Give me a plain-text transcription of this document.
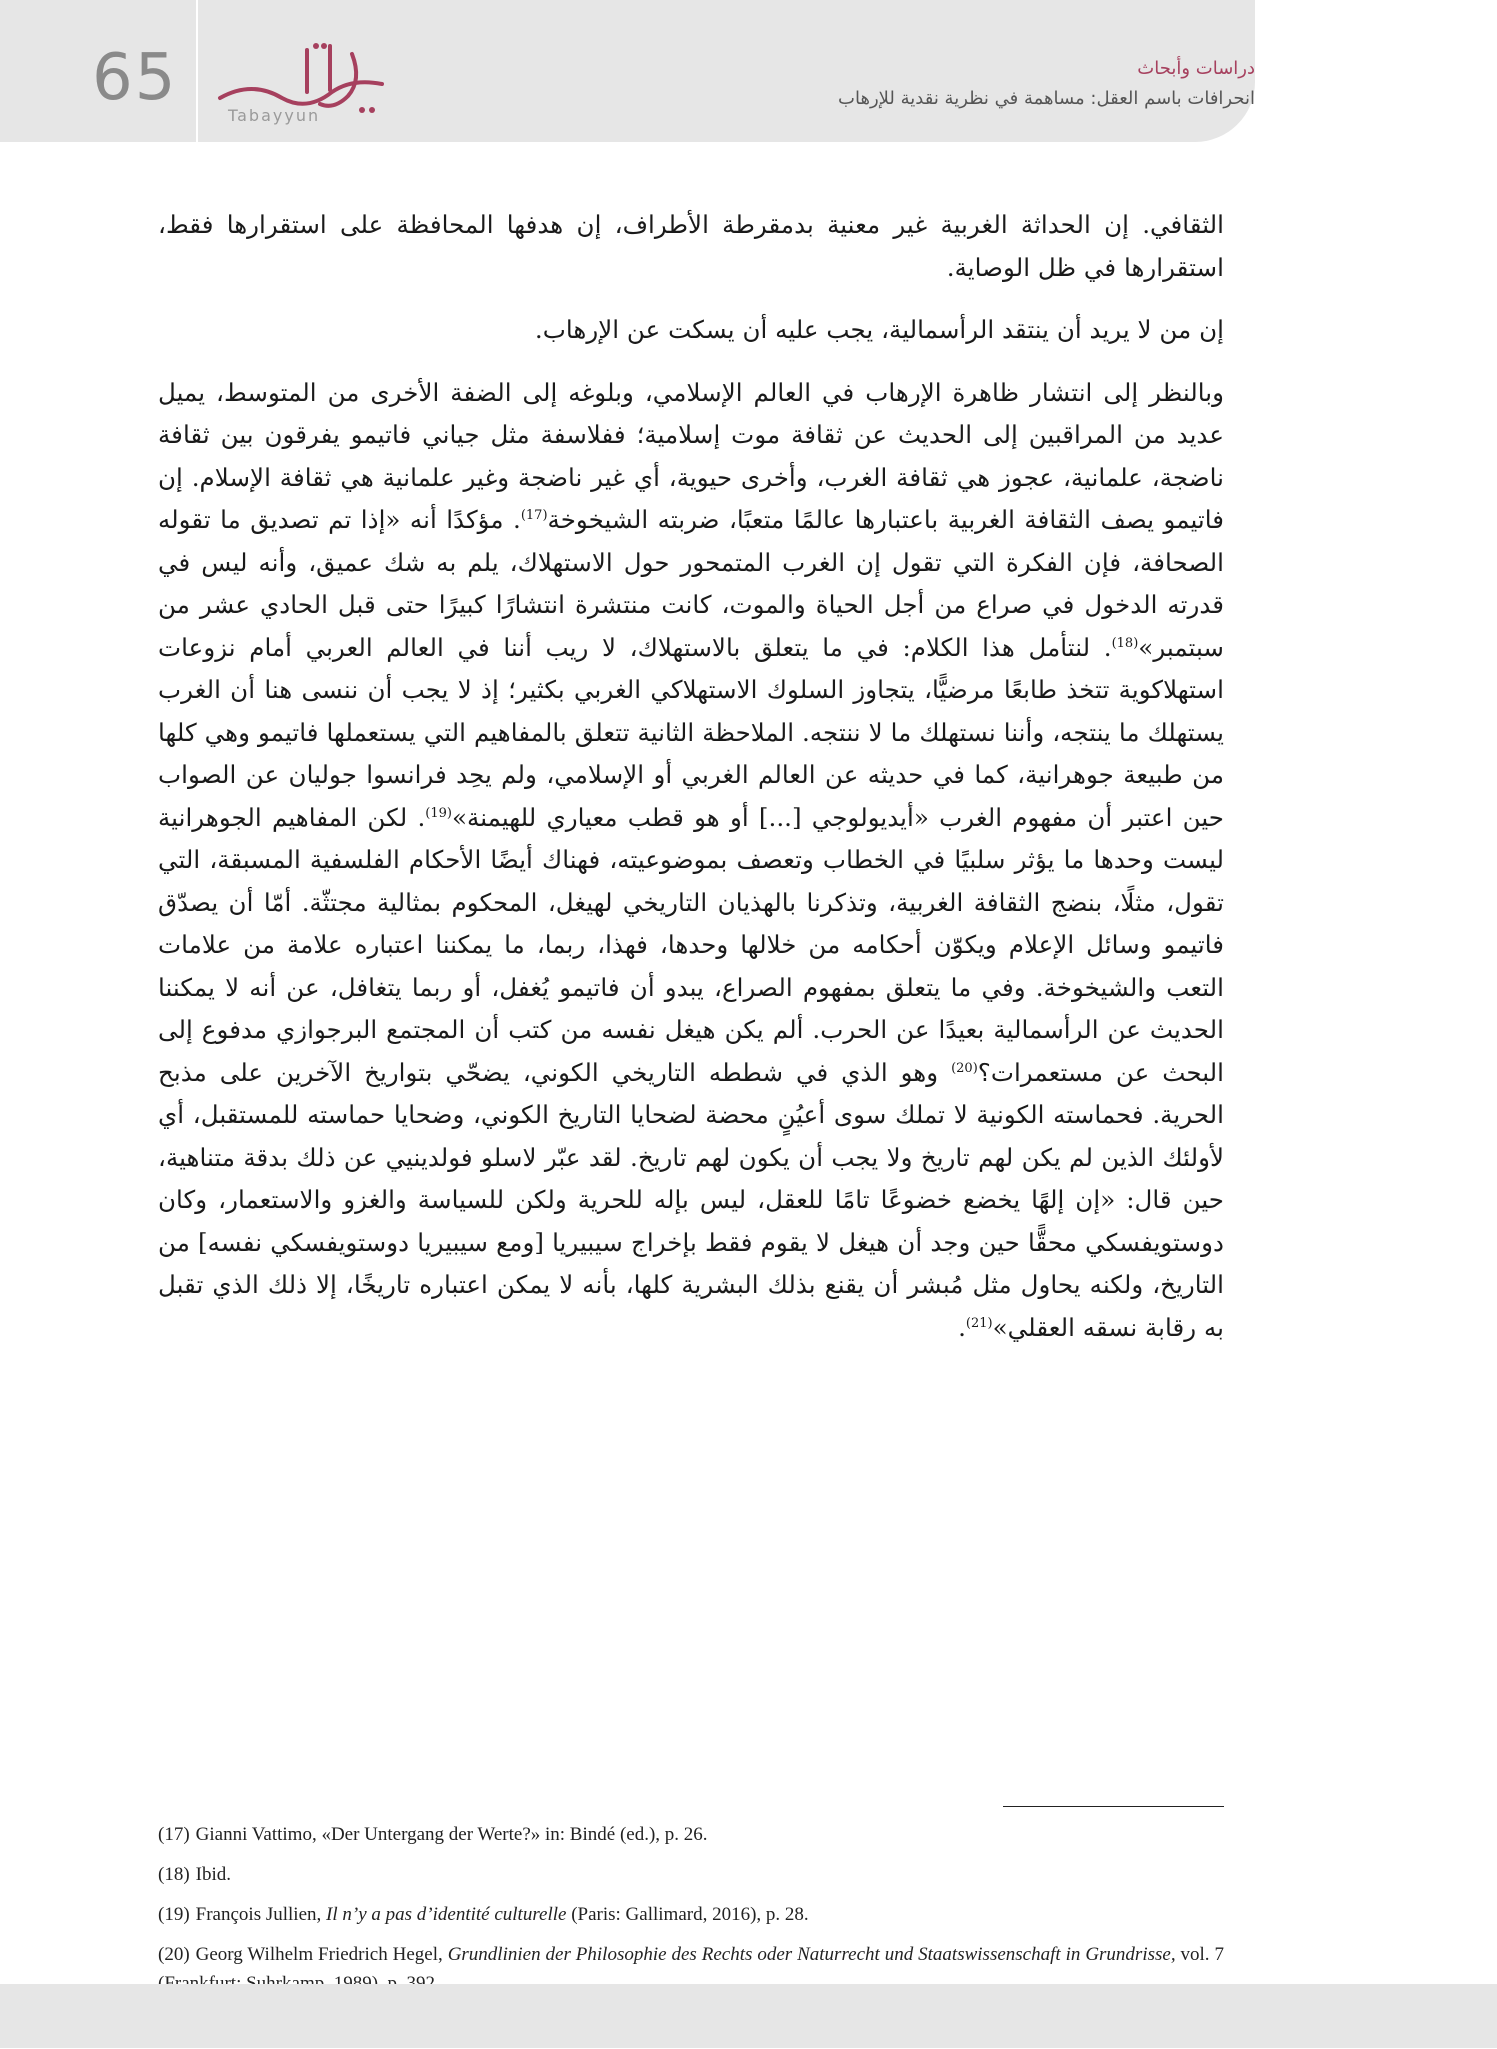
65
Tabayyun
دراسات وأبحاث
انحرافات باسم العقل: مساهمة في نظرية نقدية للإرهاب

الثقافي. إن الحداثة الغربية غير معنية بدمقرطة الأطراف، إن هدفها المحافظة على استقرارها فقط، استقرارها في ظل الوصاية.

إن من لا يريد أن ينتقد الرأسمالية، يجب عليه أن يسكت عن الإرهاب.

وبالنظر إلى انتشار ظاهرة الإرهاب في العالم الإسلامي، وبلوغه إلى الضفة الأخرى من المتوسط، يميل عديد من المراقبين إلى الحديث عن ثقافة موت إسلامية؛ ففلاسفة مثل جياني فاتيمو يفرقون بين ثقافة ناضجة، علمانية، عجوز هي ثقافة الغرب، وأخرى حيوية، أي غير ناضجة وغير علمانية هي ثقافة الإسلام. إن فاتيمو يصف الثقافة الغربية باعتبارها عالمًا متعبًا، ضربته الشيخوخة$^{(17)}$. مؤكدًا أنه «إذا تم تصديق ما تقوله الصحافة، فإن الفكرة التي تقول إن الغرب المتمحور حول الاستهلاك، يلم به شك عميق، وأنه ليس في قدرته الدخول في صراع من أجل الحياة والموت، كانت منتشرة انتشارًا كبيرًا حتى قبل الحادي عشر من سبتمبر»$^{(18)}$. لنتأمل هذا الكلام: في ما يتعلق بالاستهلاك، لا ريب أننا في العالم العربي أمام نزوعات استهلاكوية تتخذ طابعًا مرضيًّا، يتجاوز السلوك الاستهلاكي الغربي بكثير؛ إذ لا يجب أن ننسى هنا أن الغرب يستهلك ما ينتجه، وأننا نستهلك ما لا ننتجه. الملاحظة الثانية تتعلق بالمفاهيم التي يستعملها فاتيمو وهي كلها من طبيعة جوهرانية، كما في حديثه عن العالم الغربي أو الإسلامي، ولم يحِد فرانسوا جوليان عن الصواب حين اعتبر أن مفهوم الغرب «أيديولوجي [...] أو هو قطب معياري للهيمنة»$^{(19)}$. لكن المفاهيم الجوهرانية ليست وحدها ما يؤثر سلبيًا في الخطاب وتعصف بموضوعيته، فهناك أيضًا الأحكام الفلسفية المسبقة، التي تقول، مثلًا، بنضج الثقافة الغربية، وتذكرنا بالهذيان التاريخي لهيغل، المحكوم بمثالية مجتثّة. أمّا أن يصدّق فاتيمو وسائل الإعلام ويكوّن أحكامه من خلالها وحدها، فهذا، ربما، ما يمكننا اعتباره علامة من علامات التعب والشيخوخة. وفي ما يتعلق بمفهوم الصراع، يبدو أن فاتيمو يُغفل، أو ربما يتغافل، عن أنه لا يمكننا الحديث عن الرأسمالية بعيدًا عن الحرب. ألم يكن هيغل نفسه من كتب أن المجتمع البرجوازي مدفوع إلى البحث عن مستعمرات؟$^{(20)}$ وهو الذي في شططه التاريخي الكوني، يضحّي بتواريخ الآخرين على مذبح الحرية. فحماسته الكونية لا تملك سوى أعيُنٍ محضة لضحايا التاريخ الكوني، وضحايا حماسته للمستقبل، أي لأولئك الذين لم يكن لهم تاريخ ولا يجب أن يكون لهم تاريخ. لقد عبّر لاسلو فولدينيي عن ذلك بدقة متناهية، حين قال: «إن إلهًا يخضع خضوعًا تامًا للعقل، ليس بإله للحرية ولكن للسياسة والغزو والاستعمار، وكان دوستويفسكي محقًّا حين وجد أن هيغل لا يقوم فقط بإخراج سيبيريا [ومع سيبيريا دوستويفسكي نفسه] من التاريخ، ولكنه يحاول مثل مُبشر أن يقنع بذلك البشرية كلها، بأنه لا يمكن اعتباره تاريخًا، إلا ذلك الذي تقبل به رقابة نسقه العقلي»$^{(21)}$.

(17) Gianni Vattimo, «Der Untergang der Werte?» in: Bindé (ed.), p. 26.

(18) Ibid.

(19) François Jullien, Il n’y a pas d’identité culturelle (Paris: Gallimard, 2016), p. 28.

(20) Georg Wilhelm Friedrich Hegel, Grundlinien der Philosophie des Rechts oder Naturrecht und Staatswissenschaft in Grundrisse, vol. 7
